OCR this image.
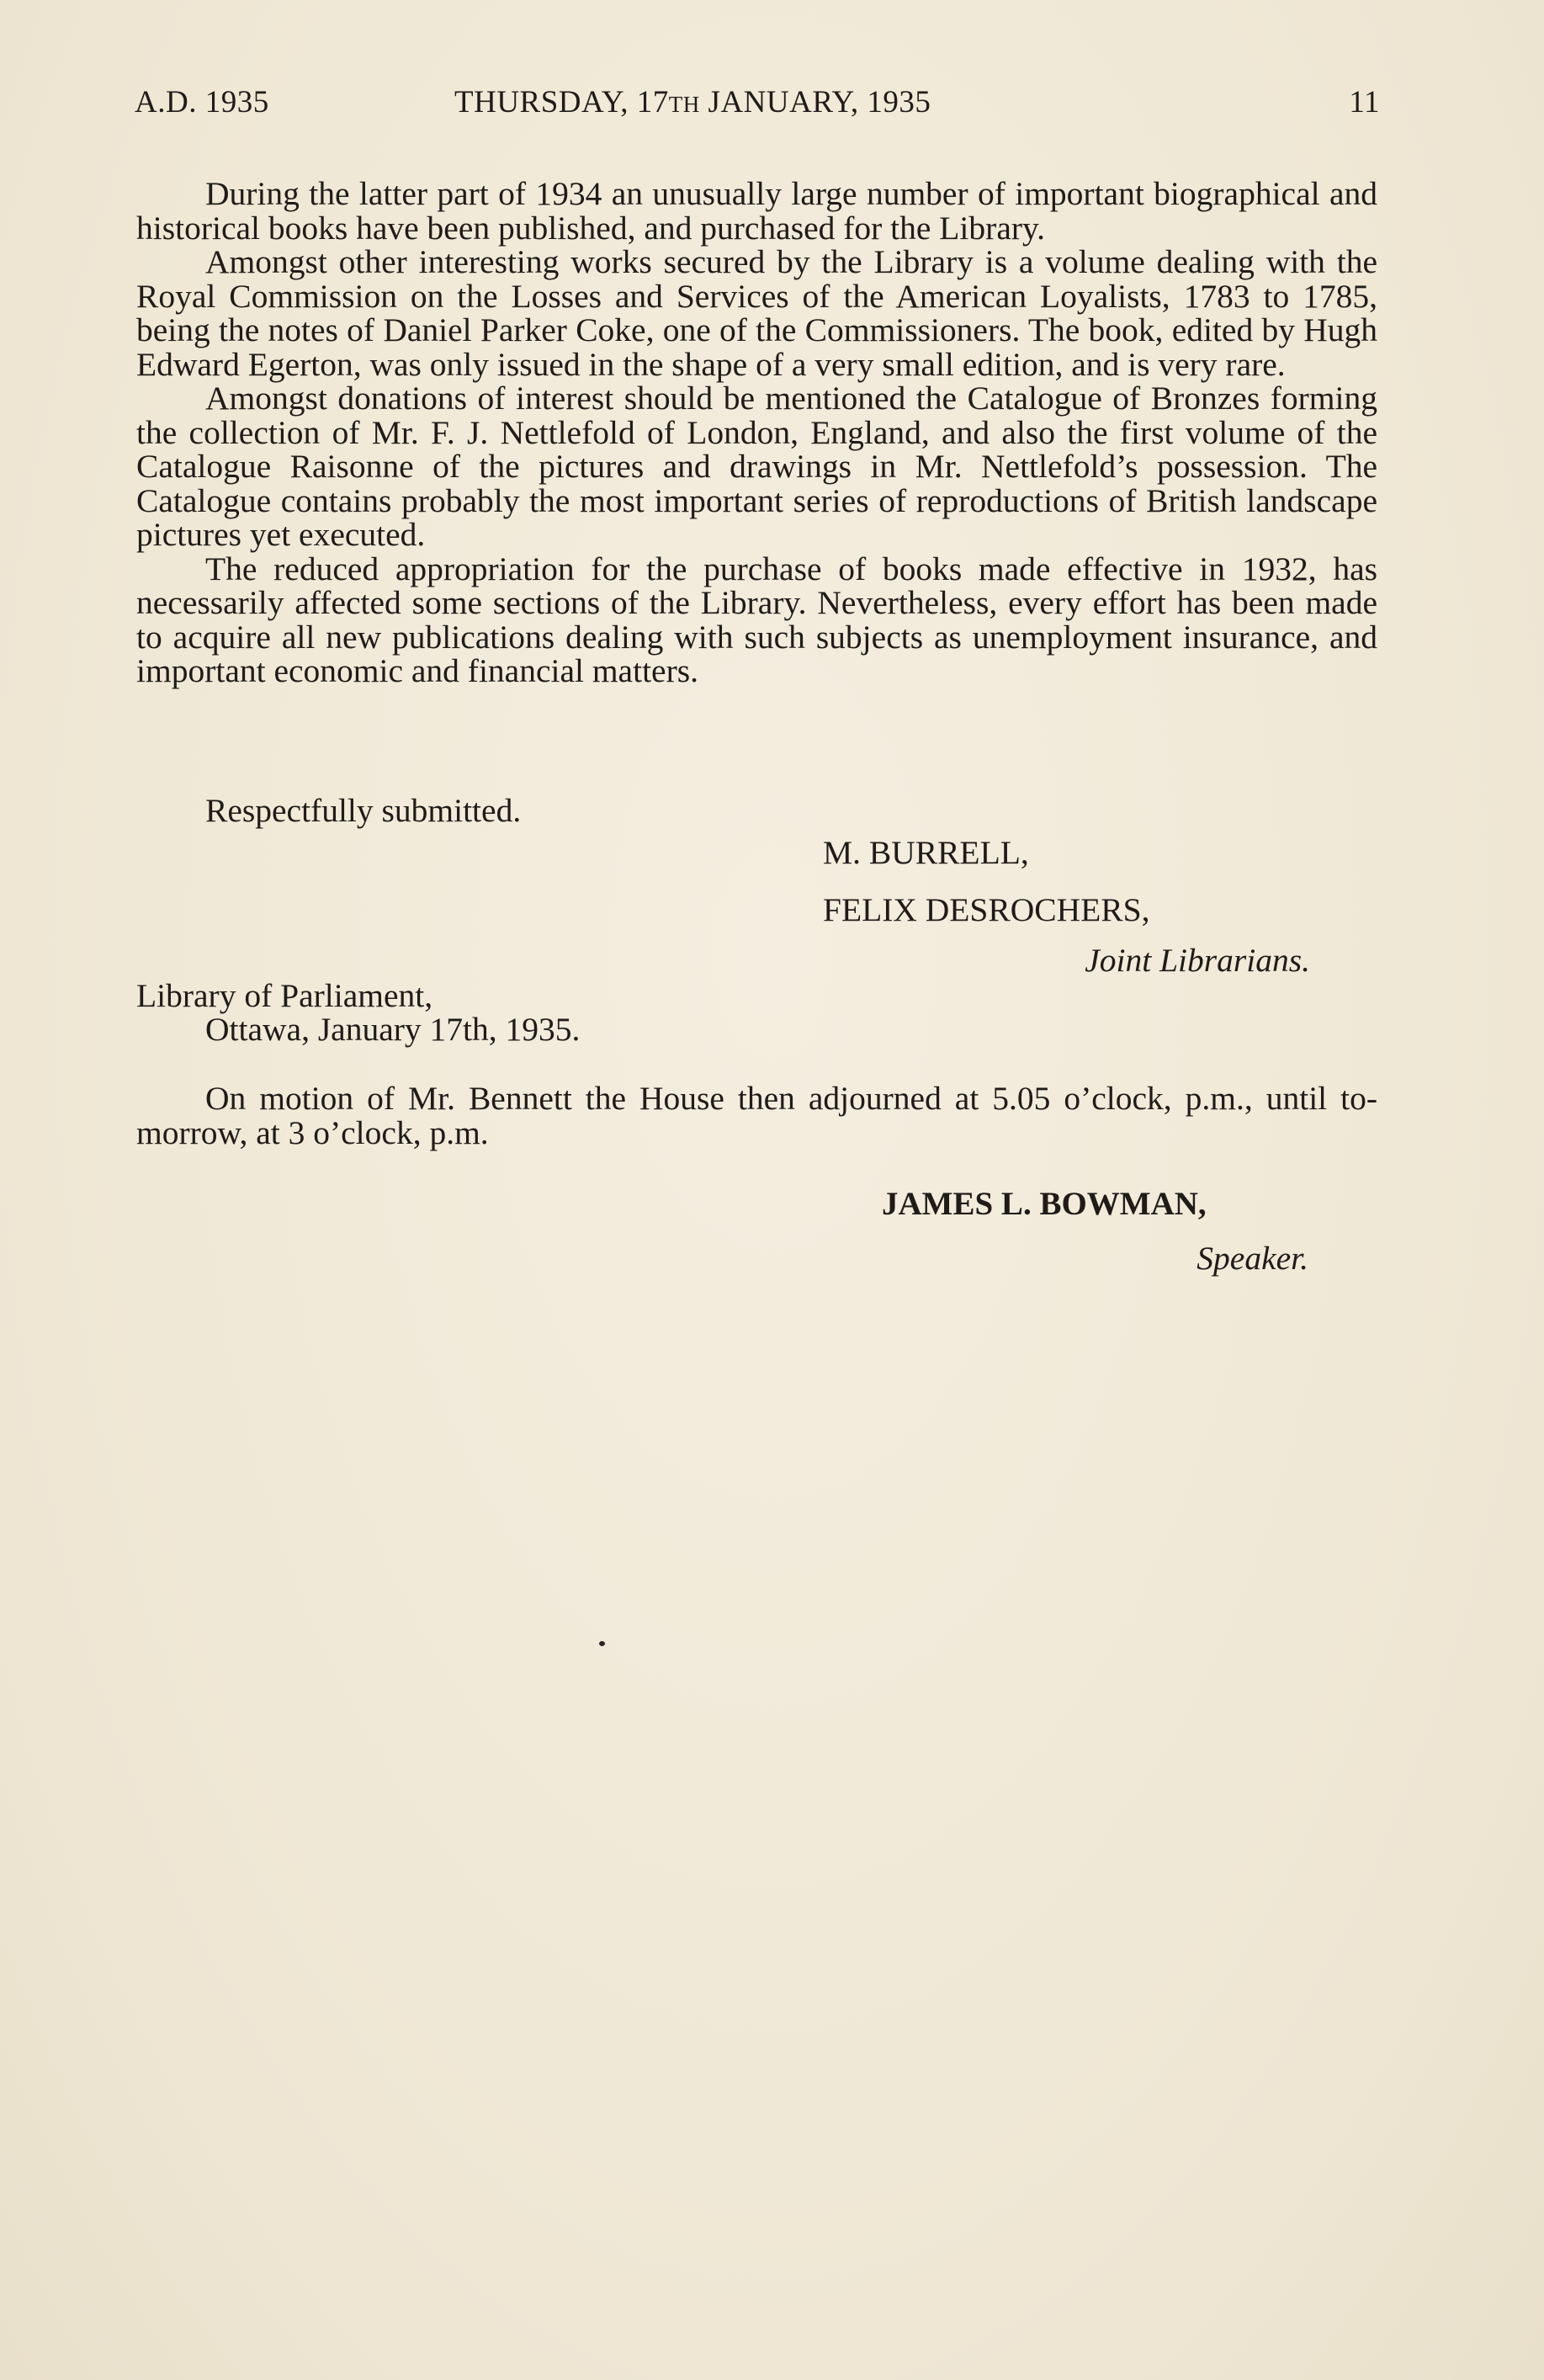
A.D. 1935	THURSDAY, 17TH JANUARY, 1935	11

During the latter part of 1934 an unusually large number of important biographical and historical books have been published, and purchased for the Library.

Amongst other interesting works secured by the Library is a volume dealing with the Royal Commission on the Losses and Services of the American Loyalists, 1783 to 1785, being the notes of Daniel Parker Coke, one of the Commissioners. The book, edited by Hugh Edward Egerton, was only issued in the shape of a very small edition, and is very rare.

Amongst donations of interest should be mentioned the Catalogue of Bronzes forming the collection of Mr. F. J. Nettlefold of London, England, and also the first volume of the Catalogue Raisonne of the pictures and drawings in Mr. Nettlefold’s possession. The Catalogue contains probably the most important series of reproductions of British landscape pictures yet executed.

The reduced appropriation for the purchase of books made effective in 1932, has necessarily affected some sections of the Library. Nevertheless, every effort has been made to acquire all new publications dealing with such subjects as unemployment insurance, and important economic and financial matters.

Respectfully submitted.
M. BURRELL,
FELIX DESROCHERS,
Joint Librarians.
Library of Parliament,
Ottawa, January 17th, 1935.

On motion of Mr. Bennett the House then adjourned at 5.05 o’clock, p.m., until to-morrow, at 3 o’clock, p.m.

JAMES L. BOWMAN,
Speaker.
